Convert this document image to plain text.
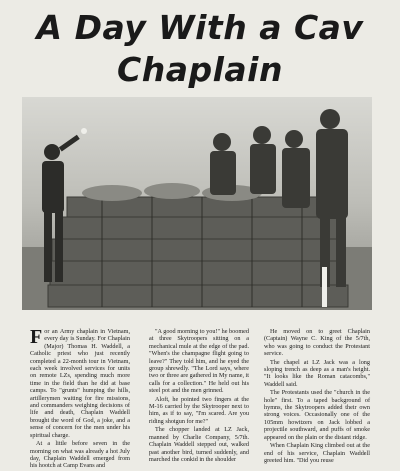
A Day With a Cav
Chaplain

For an Army chaplain in Vietnam, every day is Sunday. For Chaplain (Major) Thomas H. Waddell, a Catholic priest who just recently completed a 22-month tour in Vietnam, each week involved services for units on remote LZs, spending much more time in the field than he did at base camps. To "grunts" humping the hills, artillerymen waiting for fire missions, and commanders weighing decisions of life and death, Chaplain Waddell brought the word of God, a joke, and a sense of concern for the men under his spiritual charge.

At a little before seven in the morning on what was already a hot July day, Chaplain Waddell emerged from his hootch at Camp Evans and

"A good morning to you!" he boomed at three Skytroopers sitting on a mechanical mule at the edge of the pad. "When's the champagne flight going to leave?" They told him, and he eyed the group shrewdly. "The Lord says, where two or three are gathered in My name, it calls for a collection." He held out his steel pot and the men grinned.

Aloft, he pointed two fingers at the M-16 carried by the Skytrooper next to him, as if to say, "I'm scared. Are you riding shotgun for me?"

The chopper landed at LZ Jack, manned by Charlie Company, 5/7th. Chaplain Waddell stepped out, walked past another bird, turned suddenly, and marched the conkid in the shoulder

He moved on to greet Chaplain (Captain) Wayne C. King of the 5/7th, who was going to conduct the Protestant service.

The chapel at LZ Jack was a long sloping trench as deep as a man's height. "It looks like the Roman catacombs," Waddell said.

The Protestants used the "church in the hole" first. To a taped background of hymns, the Skytroopers added their own strong voices. Occasionally one of the 105mm howitzers on Jack lobbed a projectile southward, and puffs of smoke appeared on the plain or the distant ridge.

When Chaplain King climbed out at the end of his service, Chaplain Waddell greeted him. "Did you reuse
